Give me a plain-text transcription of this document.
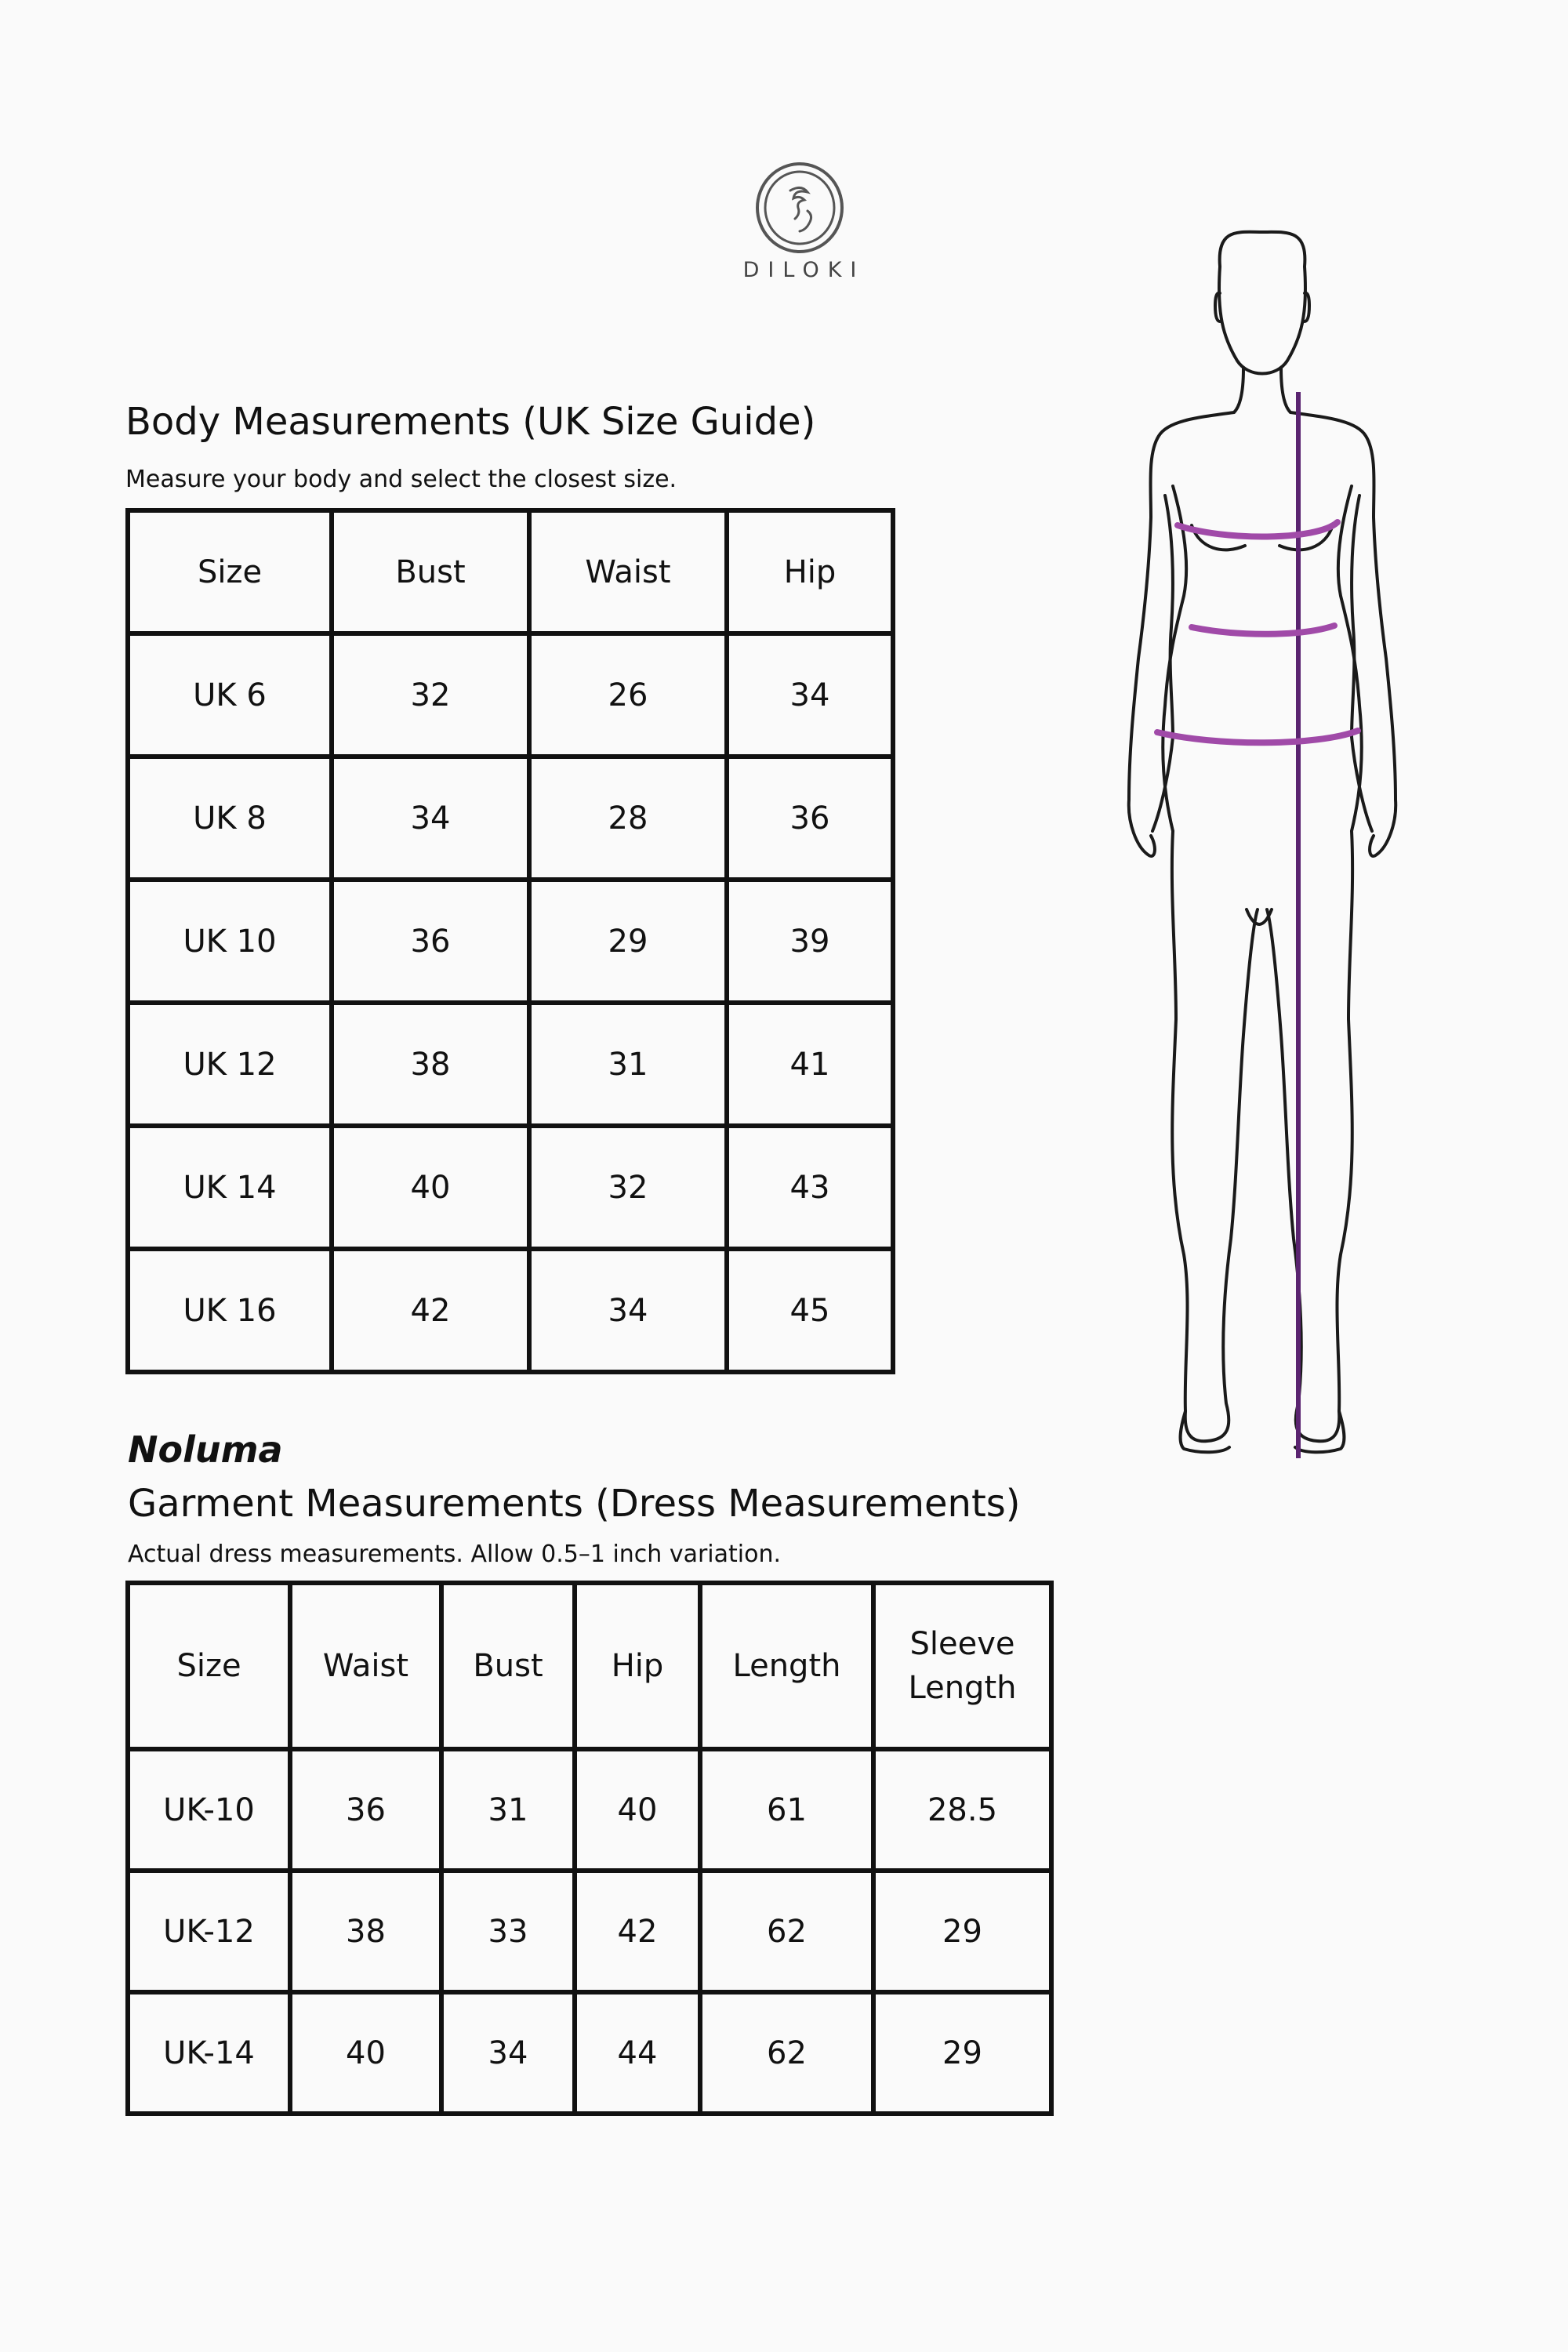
DILOKI
Body Measurements (UK Size Guide)

Measure your body and select the closest size.

Size	Bust	Waist	Hip
UK 6	32	26	34
UK 8	34	28	36
UK 10	36	29	39
UK 12	38	31	41
UK 14	40	32	43
UK 16	42	34	45

Noluma

Garment Measurements (Dress Measurements)

Actual dress measurements. Allow 0.5–1 inch variation.

Size	Waist	Bust	Hip	Length	Sleeve Length
UK-10	36	31	40	61	28.5
UK-12	38	33	42	62	29
UK-14	40	34	44	62	29
